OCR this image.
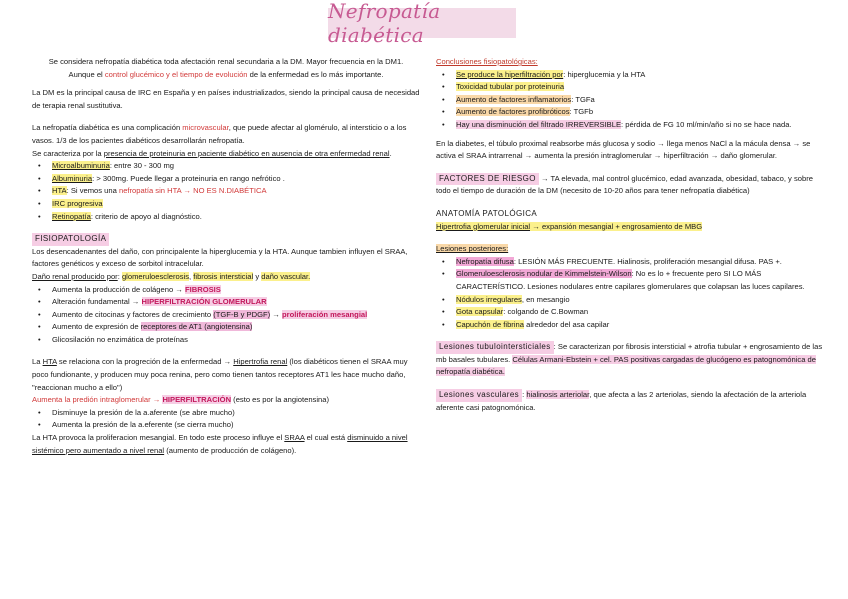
Nefropatía diabética

Se considera nefropatía diabética toda afectación renal secundaria a la DM. Mayor frecuencia en la DM1.

Aunque el control glucémico y el tiempo de evolución de la enfermedad es lo más importante.

La DM es la principal causa de IRC en España y en países industrializados, siendo la principal causa de necesidad de terapia renal sustitutiva.

La nefropatía diabética es una complicación microvascular, que puede afectar al glomérulo, al intersticio o a los vasos. 1/3 de los pacientes diabéticos desarrollarán nefropatía.

Se caracteriza por la presencia de proteinuria en paciente diabético en ausencia de otra enfermedad renal.

• Microalbuminuria: entre 30 - 300 mg
• Albuminuria: > 300mg. Puede llegar a proteinuria en rango nefrótico .
• HTA: Si vemos una nefropatía sin HTA → NO ES N.DIABÉTICA
• IRC progresiva
• Retinopatía: criterio de apoyo al diagnóstico.

FISIOPATOLOGÍA

Los desencadenantes del daño, con principalente la hiperglucemia y la HTA. Aunque tambien influyen el SRAA, factores genéticos y exceso de sorbitol intracelular.

Daño renal producido por: glomeruloesclerosis, fibrosis intersticial y daño vascular.

• Aumenta la producción de colágeno → FIBROSIS
• Alteración fundamental → HIPERFILTRACIÓN GLOMERULAR
• Aumento de citocinas y factores de crecimiento (TGF-B y PDGF) → proliferación mesangial
• Aumento de expresión de receptores de AT1 (angiotensina)
• Glicosilación no enzimática de proteínas

La HTA se relaciona con la progreción de la enfermedad → Hipertrofia renal (los diabéticos tienen el SRAA muy poco fundionante, y producen muy poca renina, pero como tienen tantos receptores AT1 les hace mucho daño, "reaccionan mucho a ello")

Aumenta la predión intraglomerular → HIPERFILTRACIÓN (esto es por la angiotensina)

• Disminuye la presión de la a.aferente (se abre mucho)
• Aumenta la presión de la a.eferente (se cierra mucho)

La HTA provoca la proliferacion mesangial. En todo este proceso influye el SRAA el cual está disminuido a nivel sistémico pero aumentado a nivel renal (aumento de producción de colágeno).

Conclusiones fisiopatológicas:

• Se produce la hiperfiltración por: hiperglucemia y la HTA
• Toxicidad tubular por proteinuria
• Aumento de factores inflamatorios: TGFa
• Aumento de factores profibróticos: TGFb
• Hay una disminución del filtrado IRREVERSIBLE: pérdida de FG 10 ml/min/año si no se hace nada.

En la diabetes, el túbulo proximal reabsorbe más glucosa y sodio → llega menos NaCl a la mácula densa → se activa el SRAA intrarrenal → aumenta la presión intraglomerular → hiperfiltración → daño glomerular.

FACTORES DE RIESGO → TA elevada, mal control glucémico, edad avanzada, obesidad, tabaco, y sobre todo el tiempo de duración de la DM (necesito de 10-20 años para tener nefropatía diabética)

ANATOMÍA PATOLÓGICA

Hipertrofia glomerular inicial → expansión mesangial + engrosamiento de MBG

Lesiones posteriores:

• Nefropatía difusa: LESIÓN MÁS FRECUENTE. Hialinosis, proliferación mesangial difusa. PAS +.
• Glomeruloesclerosis nodular de Kimmelstein-Wilson: No es lo + frecuente pero SI LO MÁS CARACTERÍSTICO. Lesiones nodulares entre capilares glomerulares que colapsan las luces capilares.
• Nódulos irregulares, en mesangio
• Gota capsular: colgando de C.Bowman
• Capuchón de fibrina alrededor del asa capilar

Lesiones tubulointersticiales : Se caracterizan por fibrosis intersticial + atrofia tubular + engrosamiento de las mb basales tubulares. Células Armani-Ebstein + cel. PAS positivas cargadas de glucógeno es patognomónica de nefropatía diabética.

Lesiones vasculares : hialinosis arteriolar, que afecta a las 2 arteriolas, siendo la afectación de la arteriola aferente casi patognomónica.
